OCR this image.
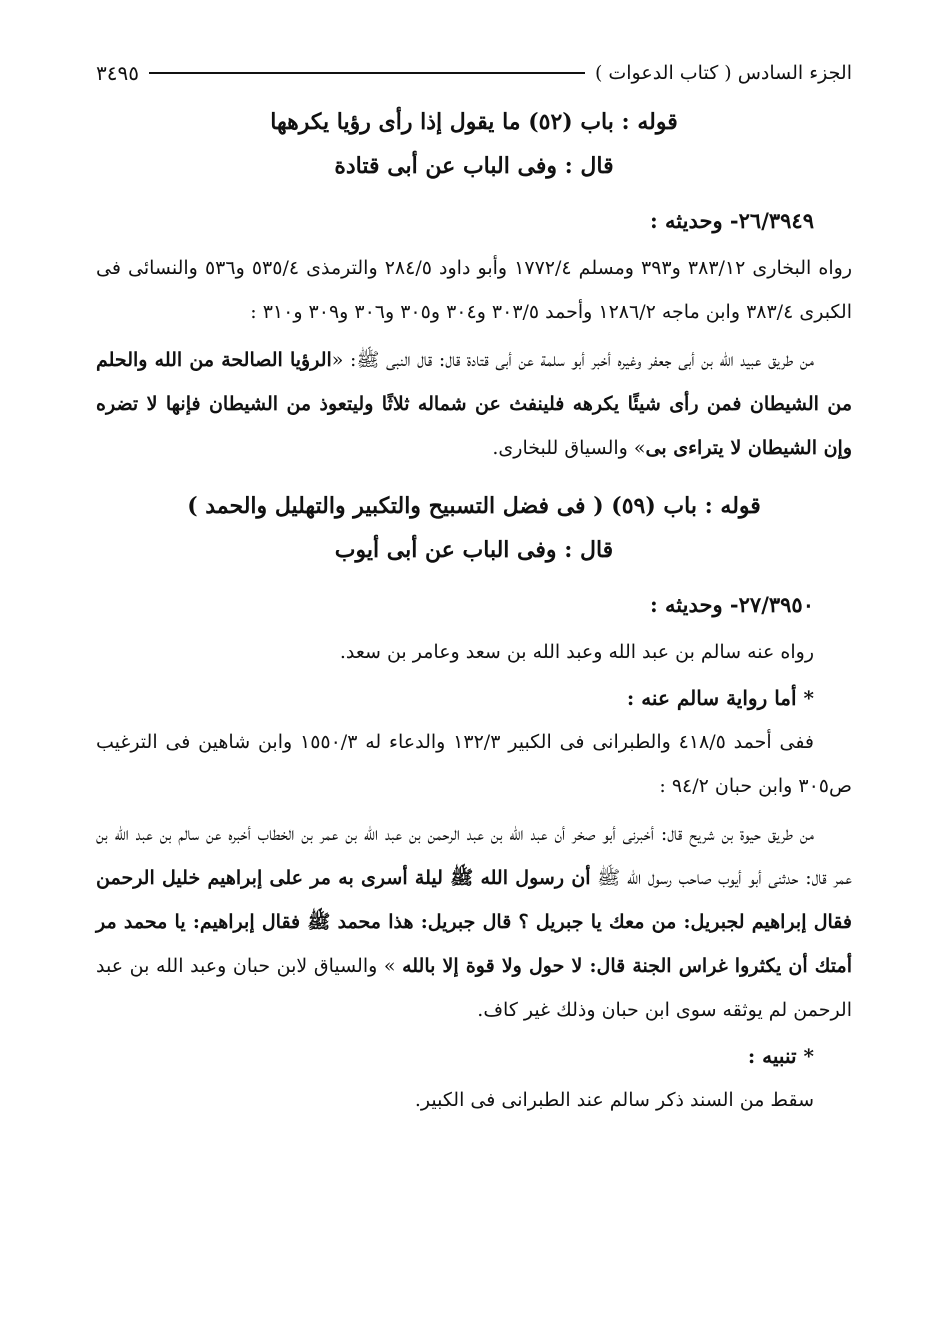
الجزء السادس ( كتاب الدعوات )
٣٤٩٥

قوله : باب (٥٢) ما يقول إذا رأى رؤيا يكرهها

قال : وفى الباب عن أبى قتادة

٢٦/٣٩٤٩- وحديثه :

رواه البخارى ٣٨٣/١٢ و٣٩٣ ومسلم ١٧٧٢/٤ وأبو داود ٢٨٤/٥ والترمذى ٥٣٥/٤ و٥٣٦ والنسائى فى الكبرى ٣٨٣/٤ وابن ماجه ١٢٨٦/٢ وأحمد ٣٠٣/٥ و٣٠٤ و٣٠٥ و٣٠٦ و٣٠٩ و٣١٠ :

من طريق عبيد الله بن أبى جعفر وغيره أخبر أبو سلمة عن أبى قتادة قال: قال النبى ﷺ: «الرؤيا الصالحة من الله والحلم من الشيطان فمن رأى شيئًا يكرهه فلينفث عن شماله ثلاثًا وليتعوذ من الشيطان فإنها لا تضره وإن الشيطان لا يتراءى بى» والسياق للبخارى.

قوله : باب (٥٩) ( فى فضل التسبيح والتكبير والتهليل والحمد )

قال : وفى الباب عن أبى أيوب

٢٧/٣٩٥٠- وحديثه :

رواه عنه سالم بن عبد الله وعبد الله بن سعد وعامر بن سعد.

* أما رواية سالم عنه :

ففى أحمد ٤١٨/٥ والطبرانى فى الكبير ١٣٢/٣ والدعاء له ١٥٥٠/٣ وابن شاهين فى الترغيب ص٣٠٥ وابن حبان ٩٤/٢ :

من طريق حيوة بن شريح قال: أخبرنى أبو صخر أن عبد الله بن عبد الرحمن بن عبد الله بن عمر بن الخطاب أخبره عن سالم بن عبد الله بن عمر قال: حدثنى أبو أيوب صاحب رسول الله ﷺ أن رسول الله ﷺ ليلة أسرى به مر على إبراهيم خليل الرحمن فقال إبراهيم لجبريل: من معك يا جبريل ؟ قال جبريل: هذا محمد ﷺ فقال إبراهيم: يا محمد مر أمتك أن يكثروا غراس الجنة قال: لا حول ولا قوة إلا بالله » والسياق لابن حبان وعبد الله بن عبد الرحمن لم يوثقه سوى ابن حبان وذلك غير كاف.

* تنبيه :

سقط من السند ذكر سالم عند الطبرانى فى الكبير.
